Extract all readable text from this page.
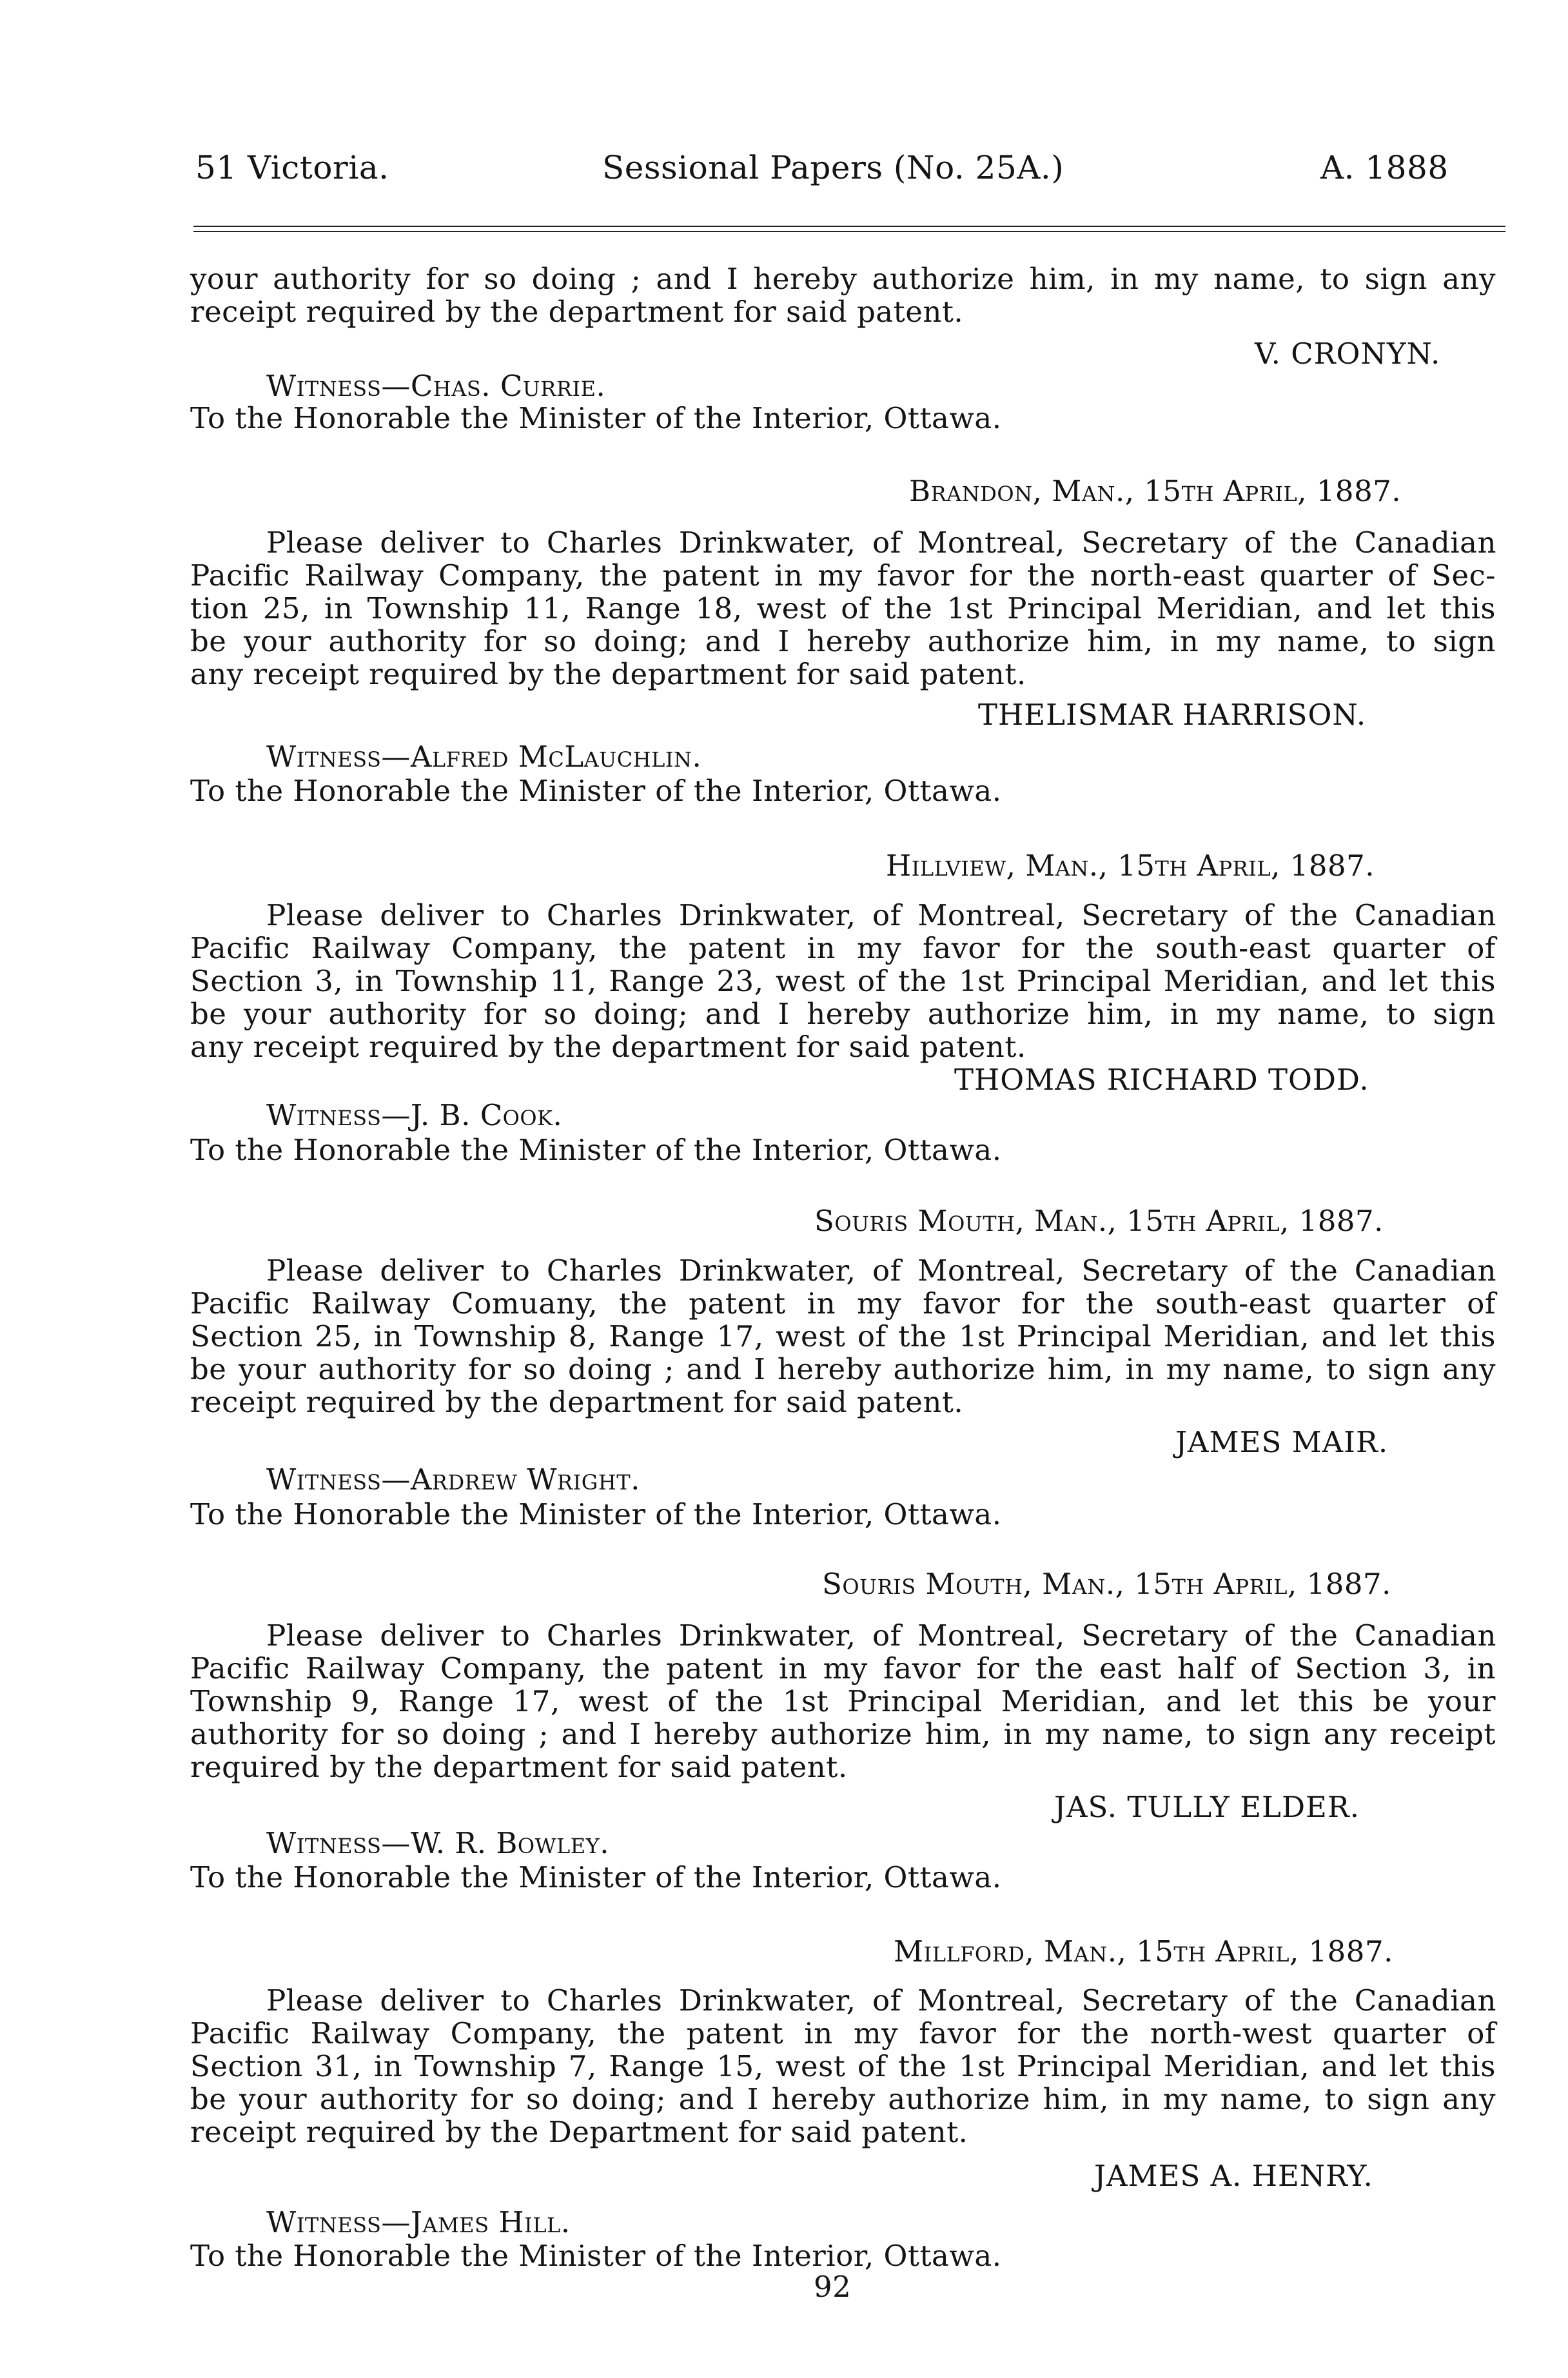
51 Victoria.	Sessional Papers (No. 25A.)	A. 1888

your authority for so doing ; and I hereby authorize him, in my name, to sign any

receipt required by the department for said patent.

V. CRONYN.

Witness—Chas. Currie.

To the Honorable the Minister of the Interior, Ottawa.

Brandon, Man., 15th April, 1887.

Please deliver to Charles Drinkwater, of Montreal, Secretary of the Canadian

Pacific Railway Company, the patent in my favor for the north-east quarter of Sec-

tion 25, in Township 11, Range 18, west of the 1st Principal Meridian, and let this

be your authority for so doing; and I hereby authorize him, in my name, to sign

any receipt required by the department for said patent.

THELISMAR HARRISON.

Witness—Alfred McLauchlin.

To the Honorable the Minister of the Interior, Ottawa.

Hillview, Man., 15th April, 1887.

Please deliver to Charles Drinkwater, of Montreal, Secretary of the Canadian

Pacific Railway Company, the patent in my favor for the south-east quarter of

Section 3, in Township 11, Range 23, west of the 1st Principal Meridian, and let this

be your authority for so doing; and I hereby authorize him, in my name, to sign

any receipt required by the department for said patent.

THOMAS RICHARD TODD.

Witness—J. B. Cook.

To the Honorable the Minister of the Interior, Ottawa.

Souris Mouth, Man., 15th April, 1887.

Please deliver to Charles Drinkwater, of Montreal, Secretary of the Canadian

Pacific Railway Comuany, the patent in my favor for the south-east quarter of

Section 25, in Township 8, Range 17, west of the 1st Principal Meridian, and let this

be your authority for so doing ; and I hereby authorize him, in my name, to sign any

receipt required by the department for said patent.

JAMES MAIR.

Witness—Ardrew Wright.

To the Honorable the Minister of the Interior, Ottawa.

Souris Mouth, Man., 15th April, 1887.

Please deliver to Charles Drinkwater, of Montreal, Secretary of the Canadian

Pacific Railway Company, the patent in my favor for the east half of Section 3, in

Township 9, Range 17, west of the 1st Principal Meridian, and let this be your

authority for so doing ; and I hereby authorize him, in my name, to sign any receipt

required by the department for said patent.

JAS. TULLY ELDER.

Witness—W. R. Bowley.

To the Honorable the Minister of the Interior, Ottawa.

Millford, Man., 15th April, 1887.

Please deliver to Charles Drinkwater, of Montreal, Secretary of the Canadian

Pacific Railway Company, the patent in my favor for the north-west quarter of

Section 31, in Township 7, Range 15, west of the 1st Principal Meridian, and let this

be your authority for so doing; and I hereby authorize him, in my name, to sign any

receipt required by the Department for said patent.

JAMES A. HENRY.

Witness—James Hill.

To the Honorable the Minister of the Interior, Ottawa.

92
